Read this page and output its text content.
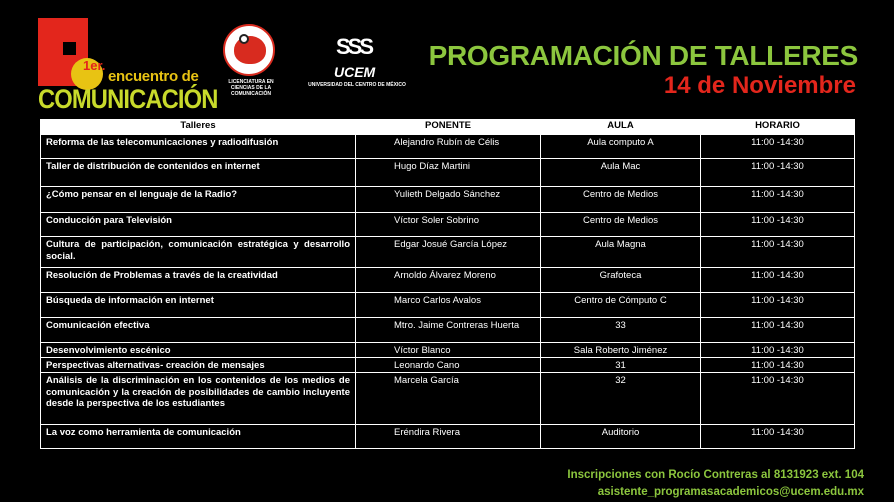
1er.
encuentro de
COMUNICACIÓN
LICENCIATURA EN CIENCIAS DE LA COMUNICACIÓN
SSS
UCEM
UNIVERSIDAD DEL CENTRO DE MÉXICO
PROGRAMACIÓN DE TALLERES
14 de Noviembre
Talleres	PONENTE	AULA	HORARIO
Reforma de las telecomunicaciones y radiodifusión	Alejandro Rubín de Célis	Aula computo A	11:00 -14:30
Taller de distribución de contenidos en internet	Hugo Díaz Martini	Aula Mac	11:00 -14:30
¿Cómo pensar en el lenguaje de la Radio?	Yulieth Delgado Sánchez	Centro de Medios	11:00 -14:30
Conducción para Televisión	Víctor Soler Sobrino	Centro de Medios	11:00 -14:30
Cultura de participación, comunicación estratégica y desarrollo social.	Edgar Josué García López	Aula Magna	11:00 -14:30
Resolución de Problemas a través de la creatividad	Arnoldo Álvarez Moreno	Grafoteca	11:00 -14:30
Búsqueda de información en internet	Marco Carlos Avalos	Centro de Cómputo C	11:00 -14:30
Comunicación efectiva	Mtro. Jaime Contreras Huerta	33	11:00 -14:30
Desenvolvimiento escénico	Víctor Blanco	Sala Roberto Jiménez	11:00 -14:30
Perspectivas alternativas- creación de mensajes	Leonardo Cano	31	11:00 -14:30
Análisis de la discriminación en los contenidos de los medios de comunicación y la creación de posibilidades de cambio incluyente desde la perspectiva de los estudiantes	Marcela García	32	11:00 -14:30
La voz como herramienta de comunicación	Eréndira Rivera	Auditorio	11:00 -14:30
Inscripciones con Rocío Contreras al 8131923 ext. 104
asistente_programasacademicos@ucem.edu.mx
